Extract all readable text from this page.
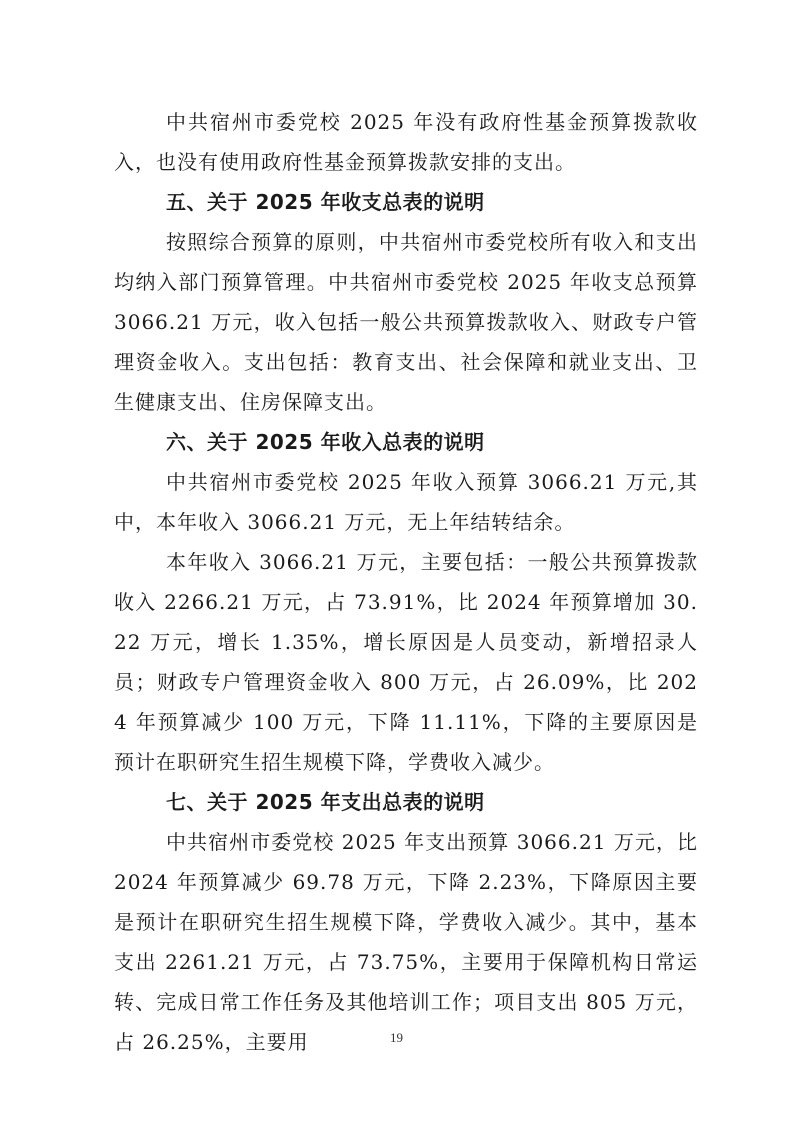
中共宿州市委党校 2025 年没有政府性基金预算拨款收入，也没有使用政府性基金预算拨款安排的支出。

五、关于 2025 年收支总表的说明

按照综合预算的原则，中共宿州市委党校所有收入和支出均纳入部门预算管理。中共宿州市委党校 2025 年收支总预算 3066.21 万元，收入包括一般公共预算拨款收入、财政专户管理资金收入。支出包括：教育支出、社会保障和就业支出、卫生健康支出、住房保障支出。

六、关于 2025 年收入总表的说明

中共宿州市委党校 2025 年收入预算 3066.21 万元,其中，本年收入 3066.21 万元，无上年结转结余。

本年收入 3066.21 万元，主要包括：一般公共预算拨款收入 2266.21 万元，占 73.91%，比 2024 年预算增加 30.22 万元，增长 1.35%，增长原因是人员变动，新增招录人员；财政专户管理资金收入 800 万元，占 26.09%，比 2024 年预算减少 100 万元，下降 11.11%，下降的主要原因是预计在职研究生招生规模下降，学费收入减少。

七、关于 2025 年支出总表的说明

中共宿州市委党校 2025 年支出预算 3066.21 万元，比 2024 年预算减少 69.78 万元，下降 2.23%，下降原因主要是预计在职研究生招生规模下降，学费收入减少。其中，基本支出 2261.21 万元，占 73.75%，主要用于保障机构日常运转、完成日常工作任务及其他培训工作；项目支出 805 万元，占 26.25%，主要用	19
